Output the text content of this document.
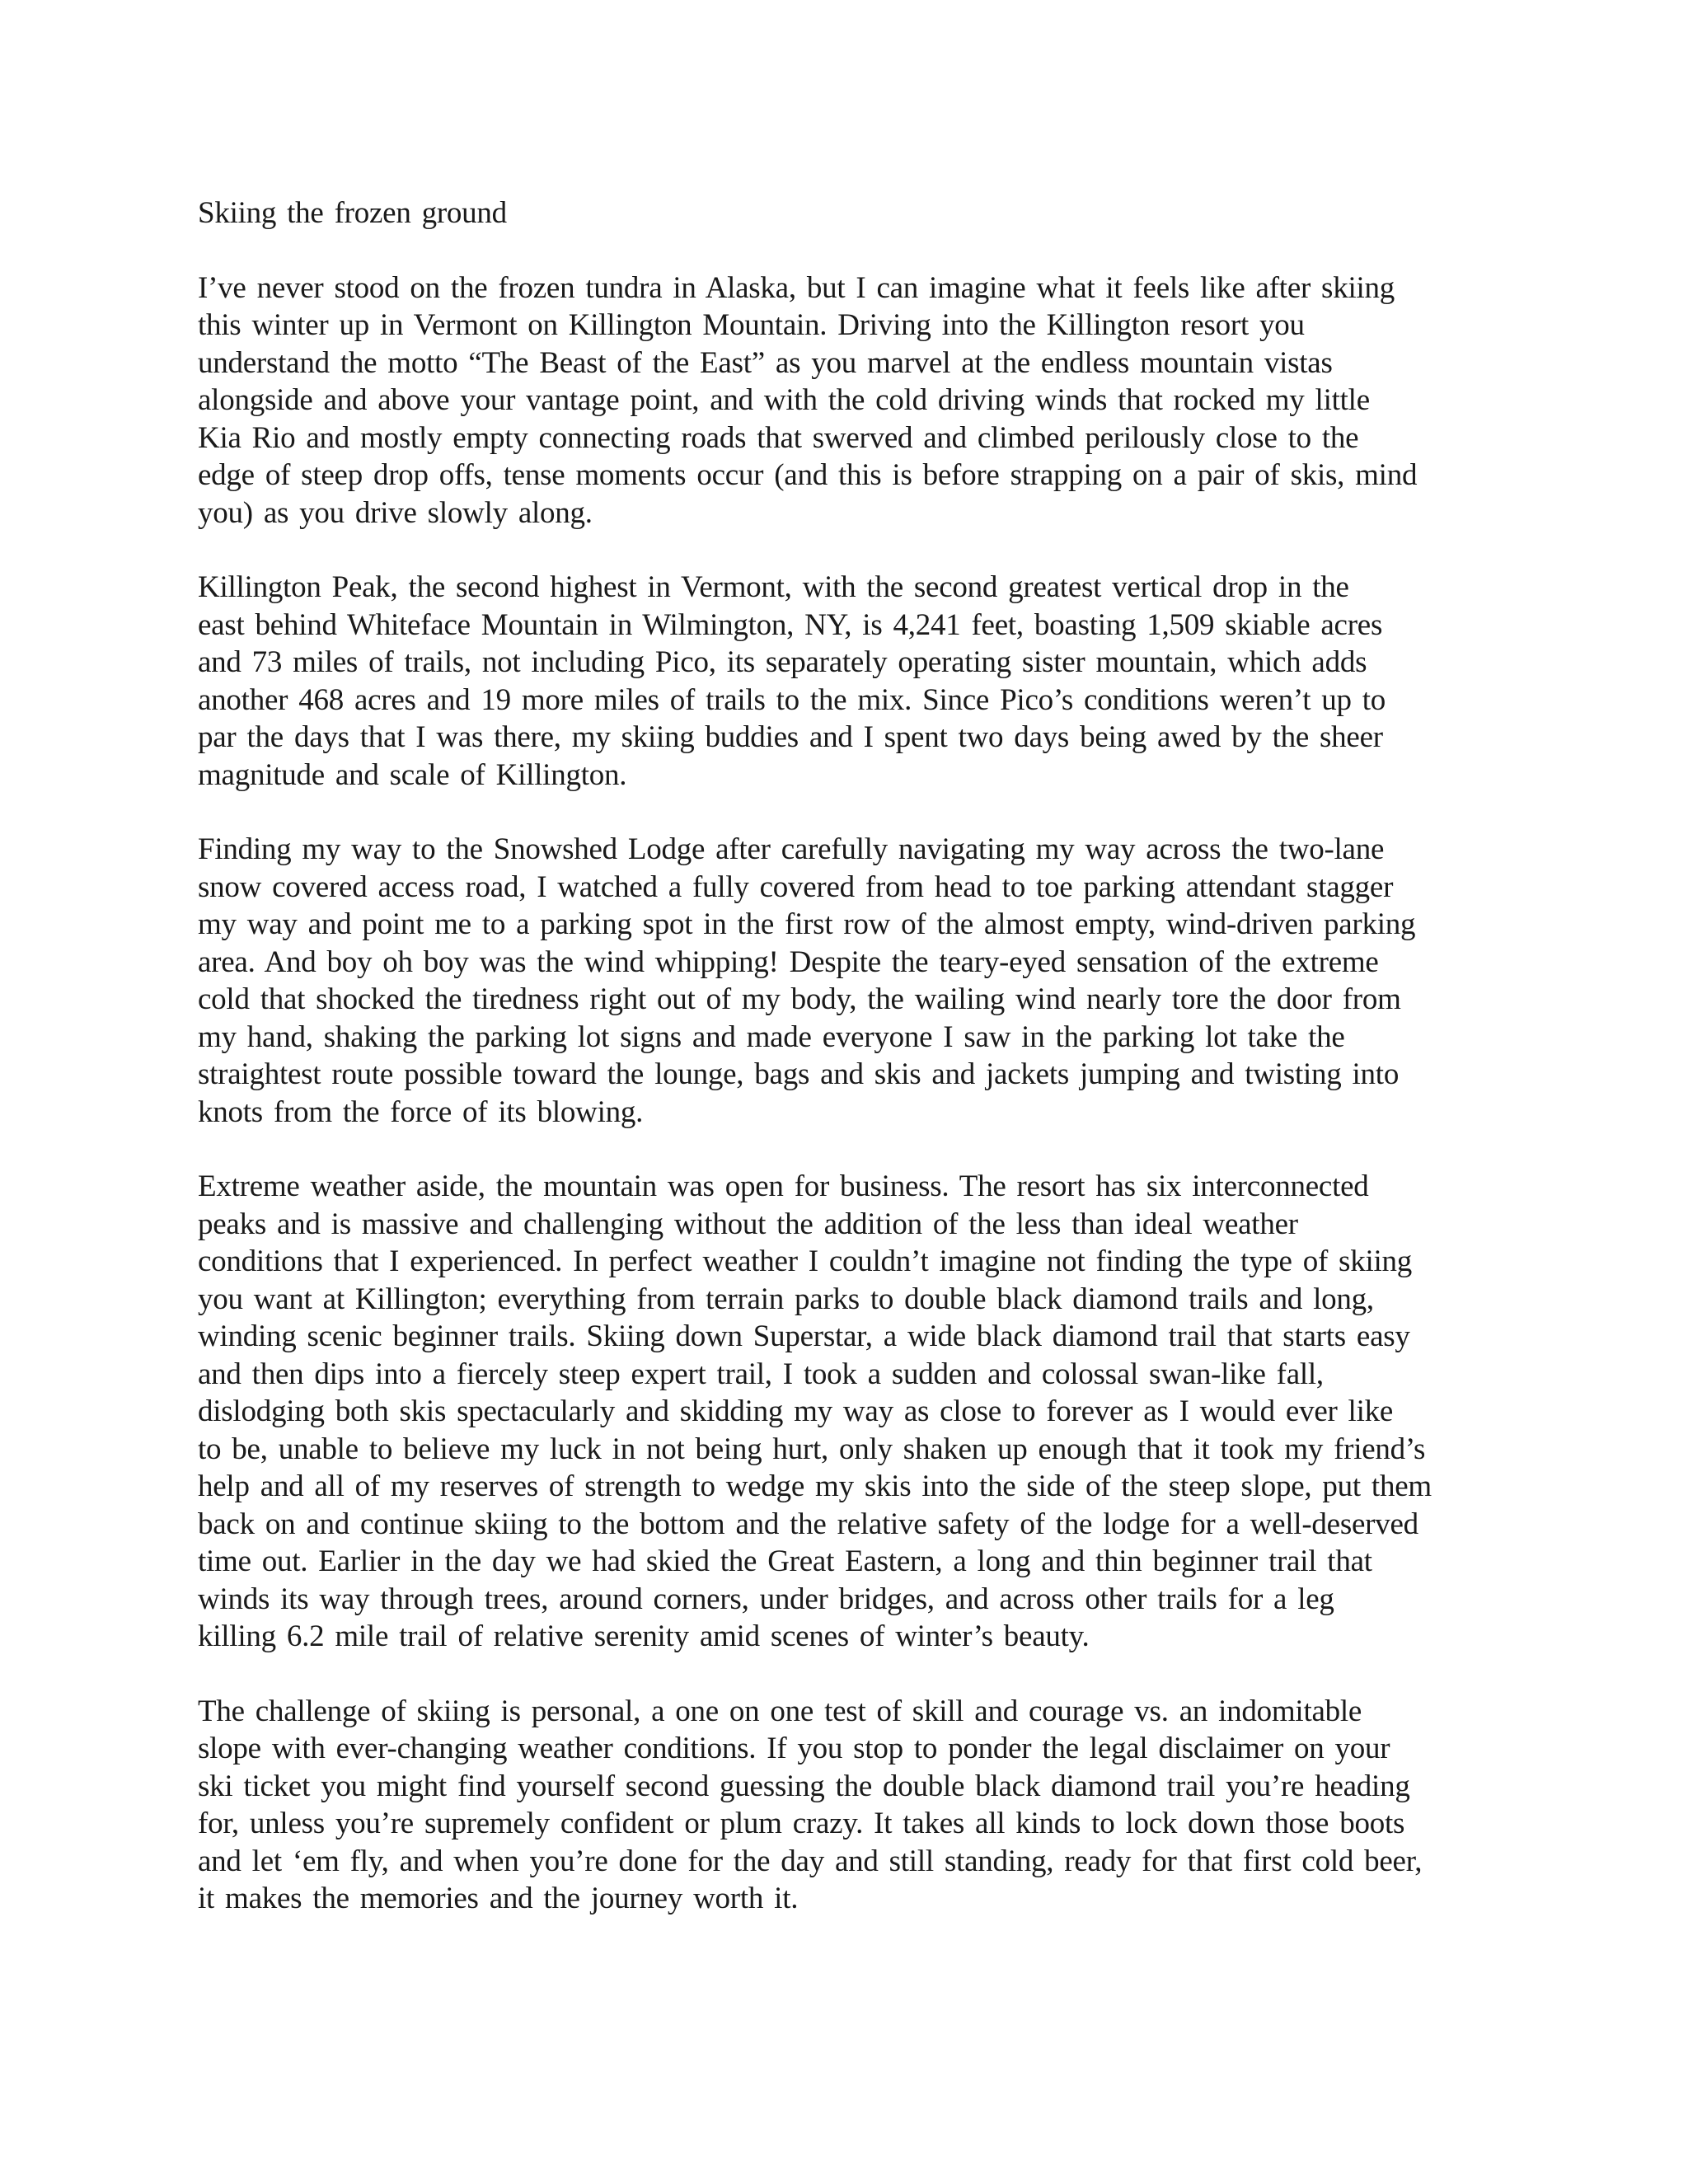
Skiing the frozen ground

I’ve never stood on the frozen tundra in Alaska, but I can imagine what it feels like after skiing
this winter up in Vermont on Killington Mountain. Driving into the Killington resort you
understand the motto “The Beast of the East” as you marvel at the endless mountain vistas
alongside and above your vantage point, and with the cold driving winds that rocked my little
Kia Rio and mostly empty connecting roads that swerved and climbed perilously close to the
edge of steep drop offs, tense moments occur (and this is before strapping on a pair of skis, mind
you) as you drive slowly along.

Killington Peak, the second highest in Vermont, with the second greatest vertical drop in the
east behind Whiteface Mountain in Wilmington, NY, is 4,241 feet, boasting 1,509 skiable acres
and 73 miles of trails, not including Pico, its separately operating sister mountain, which adds
another 468 acres and 19 more miles of trails to the mix. Since Pico’s conditions weren’t up to
par the days that I was there, my skiing buddies and I spent two days being awed by the sheer
magnitude and scale of Killington.

Finding my way to the Snowshed Lodge after carefully navigating my way across the two-lane
snow covered access road, I watched a fully covered from head to toe parking attendant stagger
my way and point me to a parking spot in the first row of the almost empty, wind-driven parking
area. And boy oh boy was the wind whipping! Despite the teary-eyed sensation of the extreme
cold that shocked the tiredness right out of my body, the wailing wind nearly tore the door from
my hand, shaking the parking lot signs and made everyone I saw in the parking lot take the
straightest route possible toward the lounge, bags and skis and jackets jumping and twisting into
knots from the force of its blowing.

Extreme weather aside, the mountain was open for business. The resort has six interconnected
peaks and is massive and challenging without the addition of the less than ideal weather
conditions that I experienced. In perfect weather I couldn’t imagine not finding the type of skiing
you want at Killington; everything from terrain parks to double black diamond trails and long,
winding scenic beginner trails. Skiing down Superstar, a wide black diamond trail that starts easy
and then dips into a fiercely steep expert trail, I took a sudden and colossal swan-like fall,
dislodging both skis spectacularly and skidding my way as close to forever as I would ever like
to be, unable to believe my luck in not being hurt, only shaken up enough that it took my friend’s
help and all of my reserves of strength to wedge my skis into the side of the steep slope, put them
back on and continue skiing to the bottom and the relative safety of the lodge for a well-deserved
time out. Earlier in the day we had skied the Great Eastern, a long and thin beginner trail that
winds its way through trees, around corners, under bridges, and across other trails for a leg
killing 6.2 mile trail of relative serenity amid scenes of winter’s beauty.

The challenge of skiing is personal, a one on one test of skill and courage vs. an indomitable
slope with ever-changing weather conditions. If you stop to ponder the legal disclaimer on your
ski ticket you might find yourself second guessing the double black diamond trail you’re heading
for, unless you’re supremely confident or plum crazy. It takes all kinds to lock down those boots
and let ‘em fly, and when you’re done for the day and still standing, ready for that first cold beer,
it makes the memories and the journey worth it.
